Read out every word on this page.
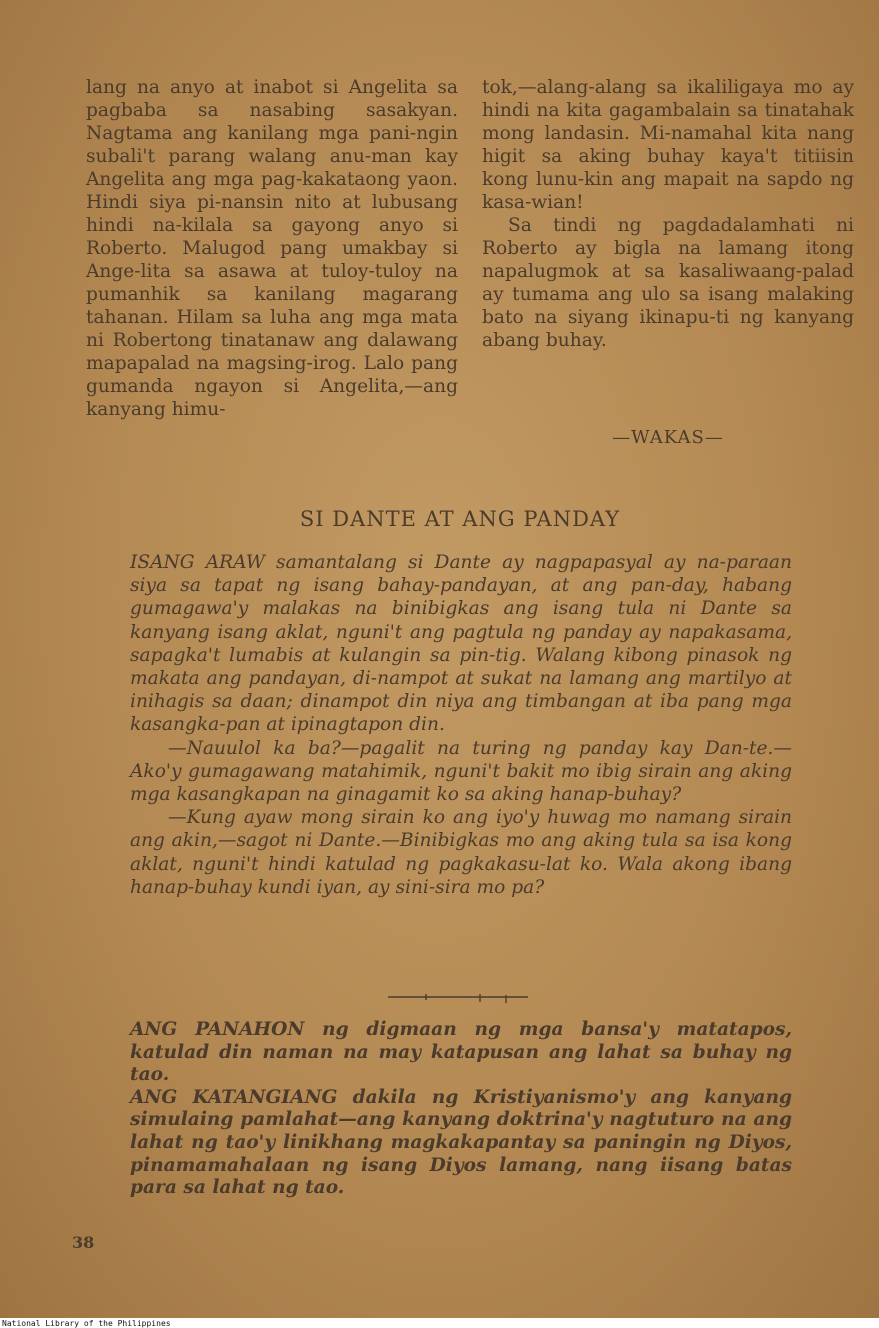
lang na anyo at inabot si Angelita sa pagbaba sa nasabing sasakyan. Nagtama ang kanilang mga pani-ngin subali't parang walang anu-man kay Angelita ang mga pag-kakataong yaon. Hindi siya pi-nansin nito at lubusang hindi na-kilala sa gayong anyo si Roberto. Malugod pang umakbay si Ange-lita sa asawa at tuloy-tuloy na pumanhik sa kanilang magarang tahanan. Hilam sa luha ang mga mata ni Robertong tinatanaw ang dalawang mapapalad na magsing-irog. Lalo pang gumanda ngayon si Angelita,—ang kanyang himu-

tok,—alang-alang sa ikaliligaya mo ay hindi na kita gagambalain sa tinatahak mong landasin. Mi-namahal kita nang higit sa aking buhay kaya't titiisin kong lunu-kin ang mapait na sapdo ng kasa-wian!

Sa tindi ng pagdadalamhati ni Roberto ay bigla na lamang itong napalugmok at sa kasaliwaang-palad ay tumama ang ulo sa isang malaking bato na siyang ikinapu-ti ng kanyang abang buhay.

—WAKAS—
SI DANTE AT ANG PANDAY

ISANG ARAW samantalang si Dante ay nagpapasyal ay na-paraan siya sa tapat ng isang bahay-pandayan, at ang pan-day, habang gumagawa'y malakas na binibigkas ang isang tula ni Dante sa kanyang isang aklat, nguni't ang pagtula ng panday ay napakasama, sapagka't lumabis at kulangin sa pin-tig. Walang kibong pinasok ng makata ang pandayan, di-nampot at sukat na lamang ang martilyo at inihagis sa daan; dinampot din niya ang timbangan at iba pang mga kasangka-pan at ipinagtapon din.

—Nauulol ka ba?—pagalit na turing ng panday kay Dan-te.—Ako'y gumagawang matahimik, nguni't bakit mo ibig sirain ang aking mga kasangkapan na ginagamit ko sa aking hanap-buhay?

—Kung ayaw mong sirain ko ang iyo'y huwag mo namang sirain ang akin,—sagot ni Dante.—Binibigkas mo ang aking tula sa isa kong aklat, nguni't hindi katulad ng pagkakasu-lat ko. Wala akong ibang hanap-buhay kundi iyan, ay sini-sira mo pa?

ANG PANAHON ng digmaan ng mga bansa'y matatapos, katulad din naman na may katapusan ang lahat sa buhay ng tao.

ANG KATANGIANG dakila ng Kristiyanismo'y ang kanyang simulaing pamlahat—ang kanyang doktrina'y nagtuturo na ang lahat ng tao'y linikhang magkakapantay sa paningin ng Diyos, pinamamahalaan ng isang Diyos lamang, nang iisang batas para sa lahat ng tao.

38
National Library of the Philippines
